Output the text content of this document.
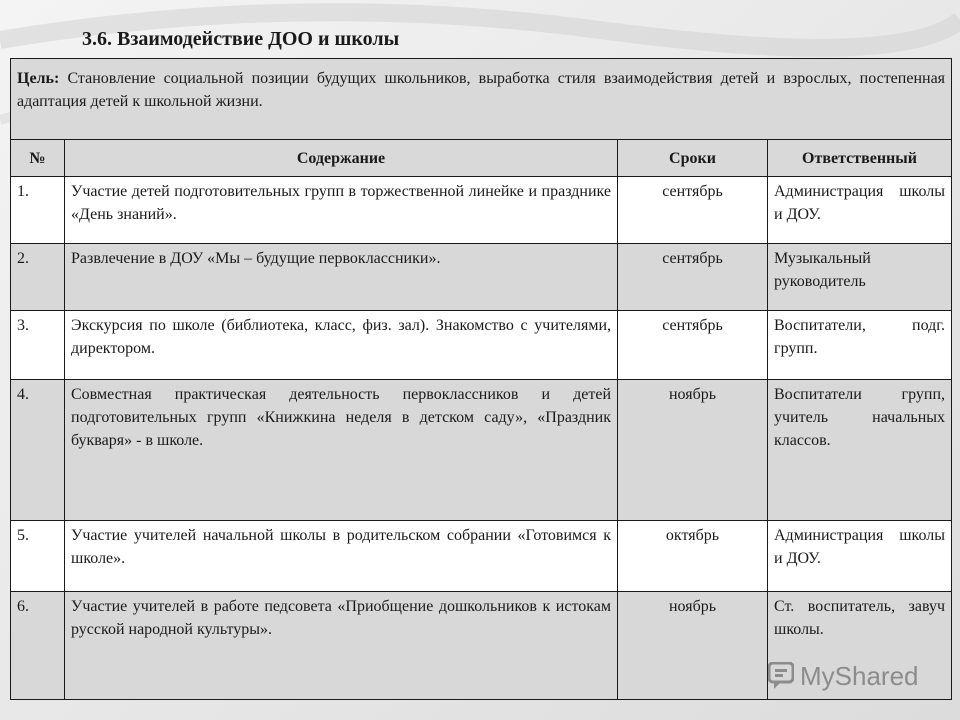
3.6. Взаимодействие ДОО и школы
Цель: Становление социальной позиции будущих школьников, выработка стиля взаимодействия детей и взрослых, постепенная адаптация детей к школьной жизни.			
№	Содержание	Сроки	Ответственный
1.	Участие детей подготовительных групп в торжественной линейке и празднике «День знаний».	сентябрь	Администрация школы и ДОУ.
2.	Развлечение в ДОУ «Мы – будущие первоклассники».	сентябрь	Музыкальный руководитель
3.	Экскурсия по школе (библиотека, класс, физ. зал). Знакомство с учителями, директором.	сентябрь	Воспитатели, подг. групп.
4.	Совместная практическая деятельность первоклассников и детей подготовительных групп «Книжкина неделя в детском саду», «Праздник букваря» - в школе.	ноябрь	Воспитатели групп, учитель начальных классов.
5.	Участие учителей начальной школы в родительском собрании «Готовимся к школе».	октябрь	Администрация школы и ДОУ.
6.	Участие учителей в работе педсовета «Приобщение дошкольников к истокам русской народной культуры».	ноябрь	Ст. воспитатель, завуч школы.
MyShared
